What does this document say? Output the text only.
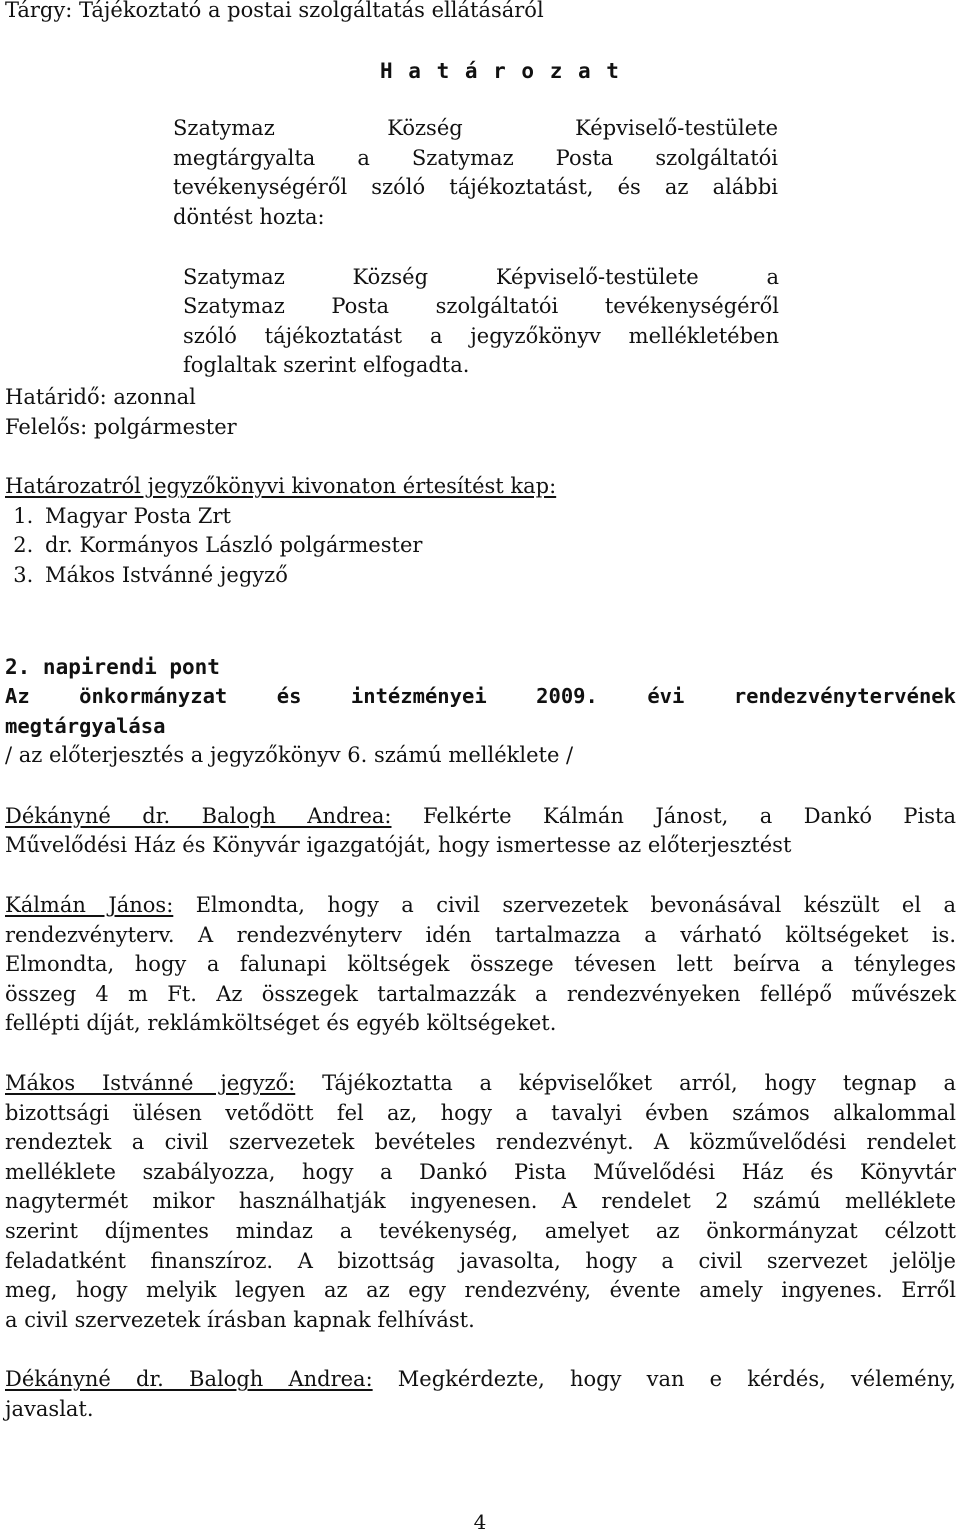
Tárgy: Tájékoztató a postai szolgáltatás ellátásáról

H a t á r o z a t

Szatymaz Község Képviselő-testülete

megtárgyalta a Szatymaz Posta szolgáltatói

tevékenységéről szóló tájékoztatást, és az alábbi

döntést hozta:

Szatymaz Község Képviselő-testülete a

Szatymaz Posta szolgáltatói tevékenységéről

szóló tájékoztatást a jegyzőkönyv mellékletében

foglaltak szerint elfogadta.

Határidő: azonnal

Felelős: polgármester

Határozatról jegyzőkönyvi kivonaton értesítést kap:

1. Magyar Posta Zrt
2. dr. Kormányos László polgármester
3. Mákos Istvánné jegyző

2. napirendi pont

Az önkormányzat és intézményei 2009. évi rendezvénytervének

megtárgyalása

/ az előterjesztés a jegyzőkönyv 6. számú melléklete /

Dékányné dr. Balogh Andrea: Felkérte Kálmán Jánost, a Dankó Pista

Művelődési Ház és Könyvár igazgatóját, hogy ismertesse az előterjesztést

Kálmán János: Elmondta, hogy a civil szervezetek bevonásával készült el a

rendezvényterv. A rendezvényterv idén tartalmazza a várható költségeket is.

Elmondta, hogy a falunapi költségek összege tévesen lett beírva a tényleges

összeg 4 m Ft. Az összegek tartalmazzák a rendezvényeken fellépő művészek

fellépti díját, reklámköltséget és egyéb költségeket.

Mákos Istvánné jegyző: Tájékoztatta a képviselőket arról, hogy tegnap a

bizottsági ülésen vetődött fel az, hogy a tavalyi évben számos alkalommal

rendeztek a civil szervezetek bevételes rendezvényt. A közművelődési rendelet

melléklete szabályozza, hogy a Dankó Pista Művelődési Ház és Könyvtár

nagytermét mikor használhatják ingyenesen. A rendelet 2 számú melléklete

szerint díjmentes mindaz a tevékenység, amelyet az önkormányzat célzott

feladatként finanszíroz. A bizottság javasolta, hogy a civil szervezet jelölje

meg, hogy melyik legyen az az egy rendezvény, évente amely ingyenes. Erről

a civil szervezetek írásban kapnak felhívást.

Dékányné dr. Balogh Andrea: Megkérdezte, hogy van e kérdés, vélemény,

javaslat.

4
